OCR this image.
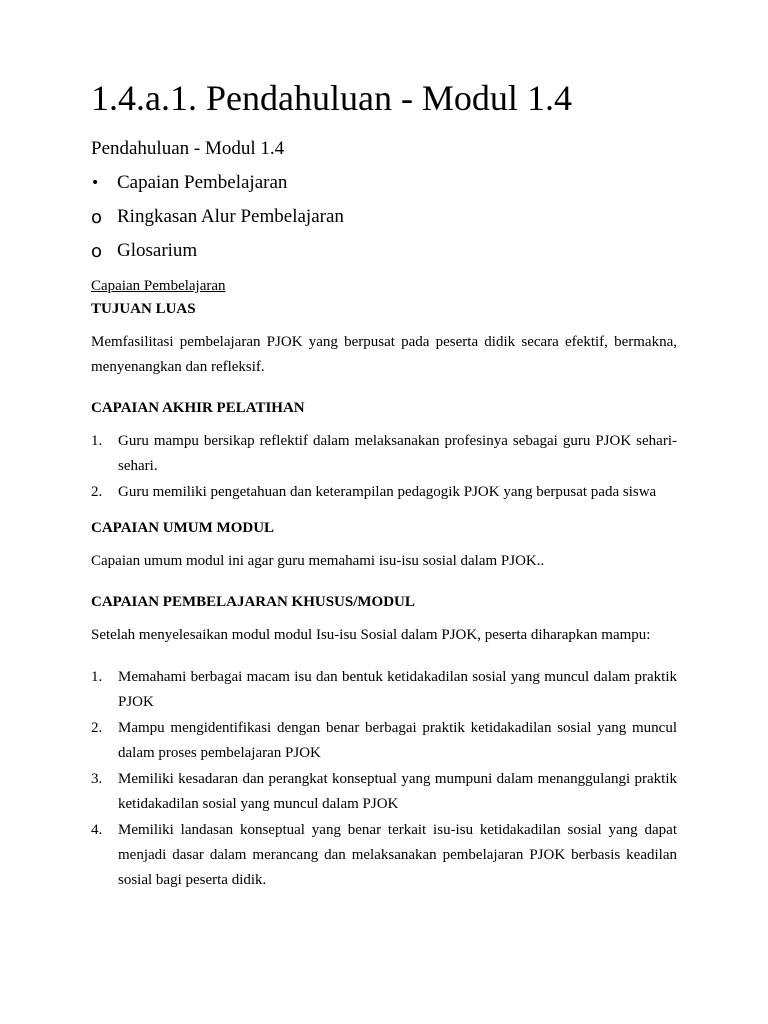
1.4.a.1. Pendahuluan - Modul 1.4

Pendahuluan - Modul 1.4

• Capaian Pembelajaran
o Ringkasan Alur Pembelajaran
o Glosarium

Capaian Pembelajaran

TUJUAN LUAS

Memfasilitasi pembelajaran PJOK yang berpusat pada peserta didik secara efektif, bermakna, menyenangkan dan refleksif.

CAPAIAN AKHIR PELATIHAN
1.	Guru mampu bersikap reflektif dalam melaksanakan profesinya sebagai guru PJOK sehari-sehari.
2.	Guru memiliki pengetahuan dan keterampilan pedagogik PJOK yang berpusat pada siswa
CAPAIAN UMUM MODUL

Capaian umum modul ini agar guru memahami isu-isu sosial dalam PJOK..

CAPAIAN PEMBELAJARAN KHUSUS/MODUL

Setelah menyelesaikan modul modul Isu-isu Sosial dalam PJOK, peserta diharapkan mampu:

1.	Memahami berbagai macam isu dan bentuk ketidakadilan sosial yang muncul dalam praktik PJOK
2.	Mampu mengidentifikasi dengan benar berbagai praktik ketidakadilan sosial yang muncul dalam proses pembelajaran PJOK
3.	Memiliki kesadaran dan perangkat konseptual yang mumpuni dalam menanggulangi praktik ketidakadilan sosial yang muncul dalam PJOK
4.	Memiliki landasan konseptual yang benar terkait isu-isu ketidakadilan sosial yang dapat menjadi dasar dalam merancang dan melaksanakan pembelajaran PJOK berbasis keadilan sosial bagi peserta didik.
